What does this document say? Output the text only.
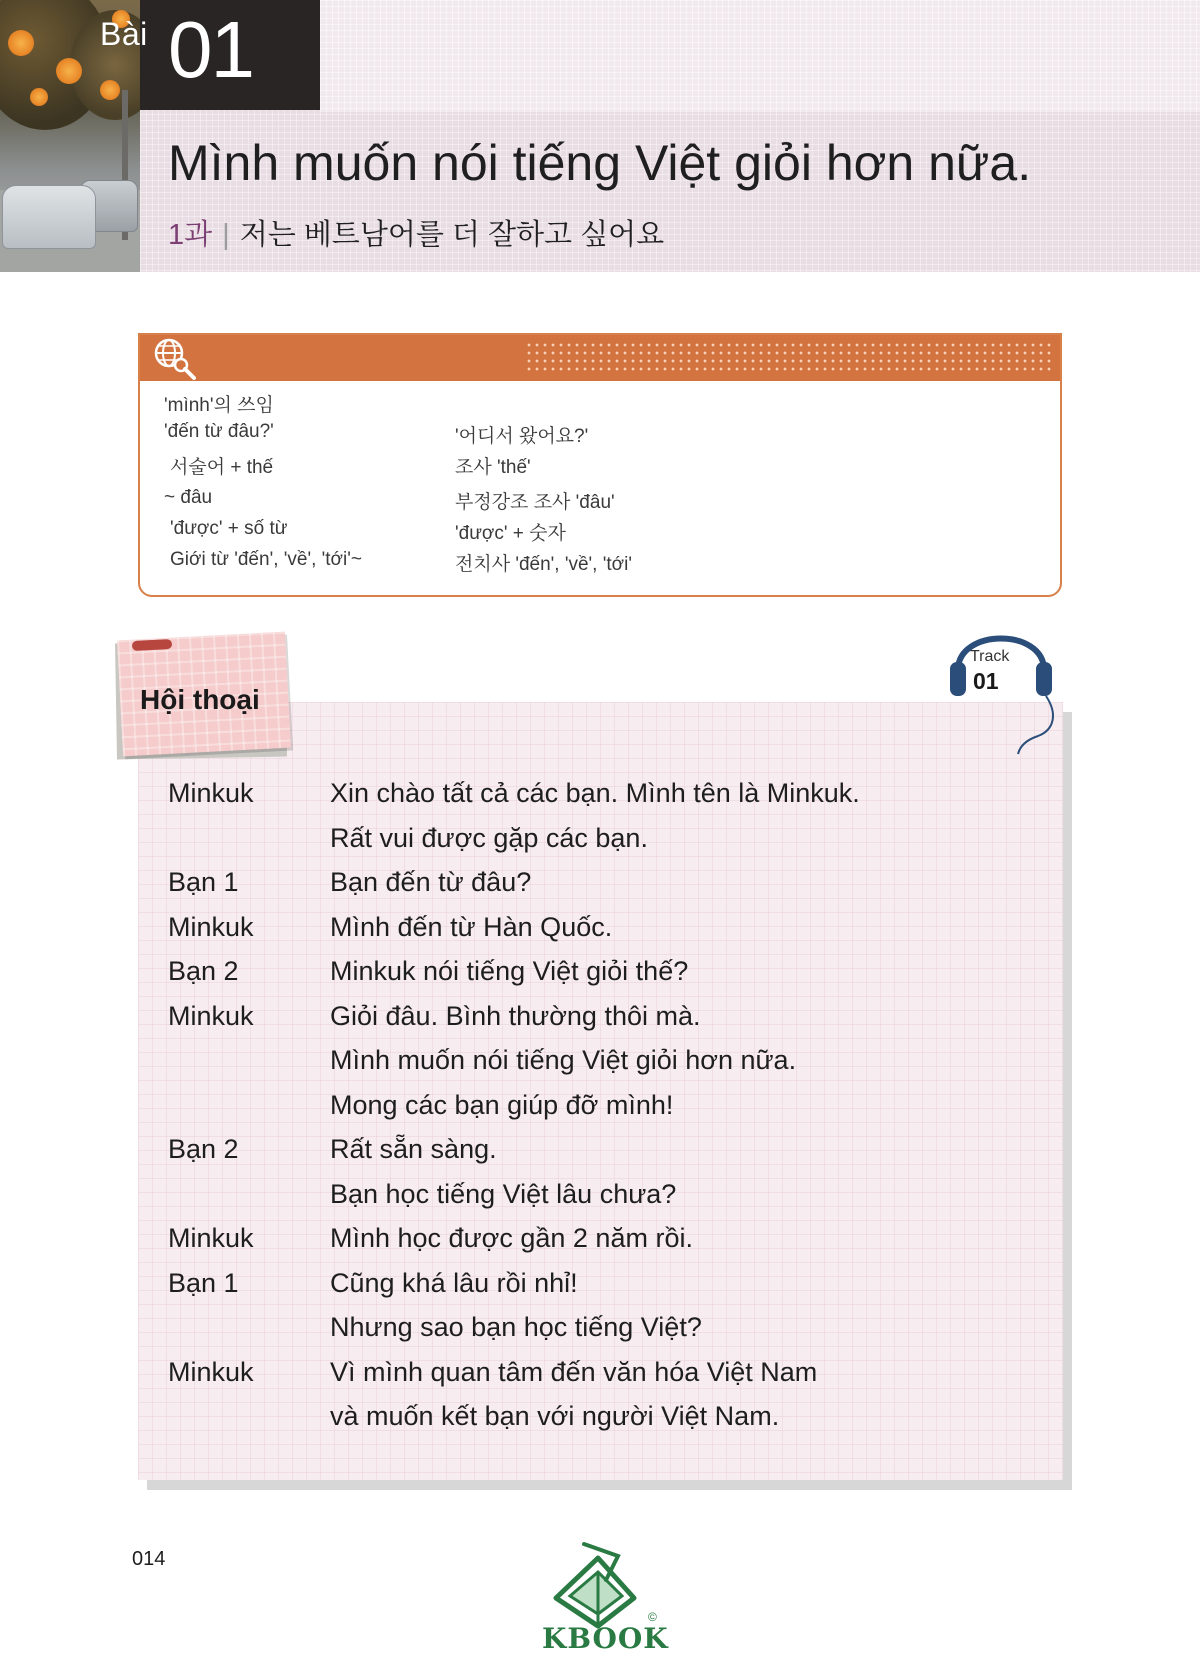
Bài 01
Mình muốn nói tiếng Việt giỏi hơn nữa.
1과 | 저는 베트남어를 더 잘하고 싶어요
'mình'의 쓰임
'đến từ đâu?'	'어디서 왔어요?'
서술어 + thế	조사 'thế'
~ đâu	부정강조 조사 'đâu'
'được' + số từ	'được' + 숫자
Giới từ 'đến', 'về', 'tới'~	전치사 'đến', 'về', 'tới'
Hội thoại
Track
01
Minkuk	Xin chào tất cả các bạn. Mình tên là Minkuk.
Rất vui được gặp các bạn.
Bạn 1	Bạn đến từ đâu?
Minkuk	Mình đến từ Hàn Quốc.
Bạn 2	Minkuk nói tiếng Việt giỏi thế?
Minkuk	Giỏi đâu. Bình thường thôi mà.
Mình muốn nói tiếng Việt giỏi hơn nữa.
Mong các bạn giúp đỡ mình!
Bạn 2	Rất sẵn sàng.
Bạn học tiếng Việt lâu chưa?
Minkuk	Mình học được gần 2 năm rồi.
Bạn 1	Cũng khá lâu rồi nhỉ!
Nhưng sao bạn học tiếng Việt?
Minkuk	Vì mình quan tâm đến văn hóa Việt Nam
và muốn kết bạn với người Việt Nam.
014
KBOOK
©
